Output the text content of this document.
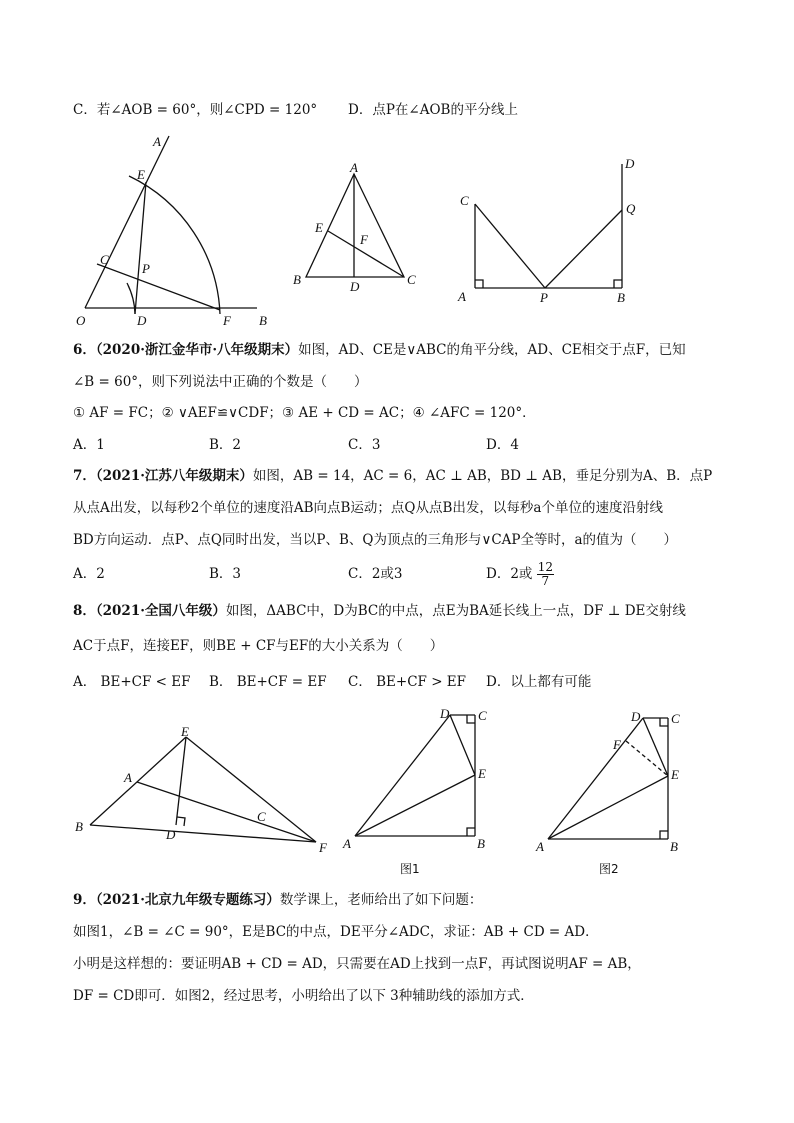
C．若∠AOB = 60°，则∠CPD = 120° D．点P在∠AOB的平分线上
O	D	F B
A
E
C
P
A
B	C
D
E
F
C
A	P	B
D
Q
6．（2020·浙江金华市·八年级期末）如图，AD、CE是∨ABC的角平分线，AD、CE相交于点F，已知
∠B = 60°，则下列说法中正确的个数是（　　）
① AF = FC；② ∨AEF≌∨CDF；③ AE + CD = AC；④ ∠AFC = 120°．
A．1	B．2	C．3	D．4
7．（2021·江苏八年级期末）如图，AB = 14，AC = 6，AC ⊥ AB，BD ⊥ AB，垂足分别为A、B．点P
从点A出发，以每秒2个单位的速度沿AB向点B运动；点Q从点B出发，以每秒a个单位的速度沿射线
BD方向运动．点P、点Q同时出发，当以P、B、Q为顶点的三角形与∨CAP全等时，a的值为（　　）
A．2	B．3	C．2或3	D．2或 $\frac{12}{7}$
8．（2021·全国八年级）如图，ΔABC中，D为BC的中点，点E为BA延长线上一点，DF ⊥ DE交射线
AC于点F，连接EF，则BE + CF与EF的大小关系为（　　）
A． BE+CF < EF B． BE+CF = EF C． BE+CF > EF D．以上都有可能
A
B
C
D
E
F
D C
E
A	B
图1
D C
F
E
A	B
图2
9．（2021·北京九年级专题练习）数学课上，老师给出了如下问题：
如图1，∠B = ∠C = 90°，E是BC的中点，DE平分∠ADC，求证：AB + CD = AD．
小明是这样想的：要证明AB + CD = AD，只需要在AD上找到一点F，再试图说明AF = AB，
DF = CD即可．如图2，经过思考，小明给出了以下 3种辅助线的添加方式．
